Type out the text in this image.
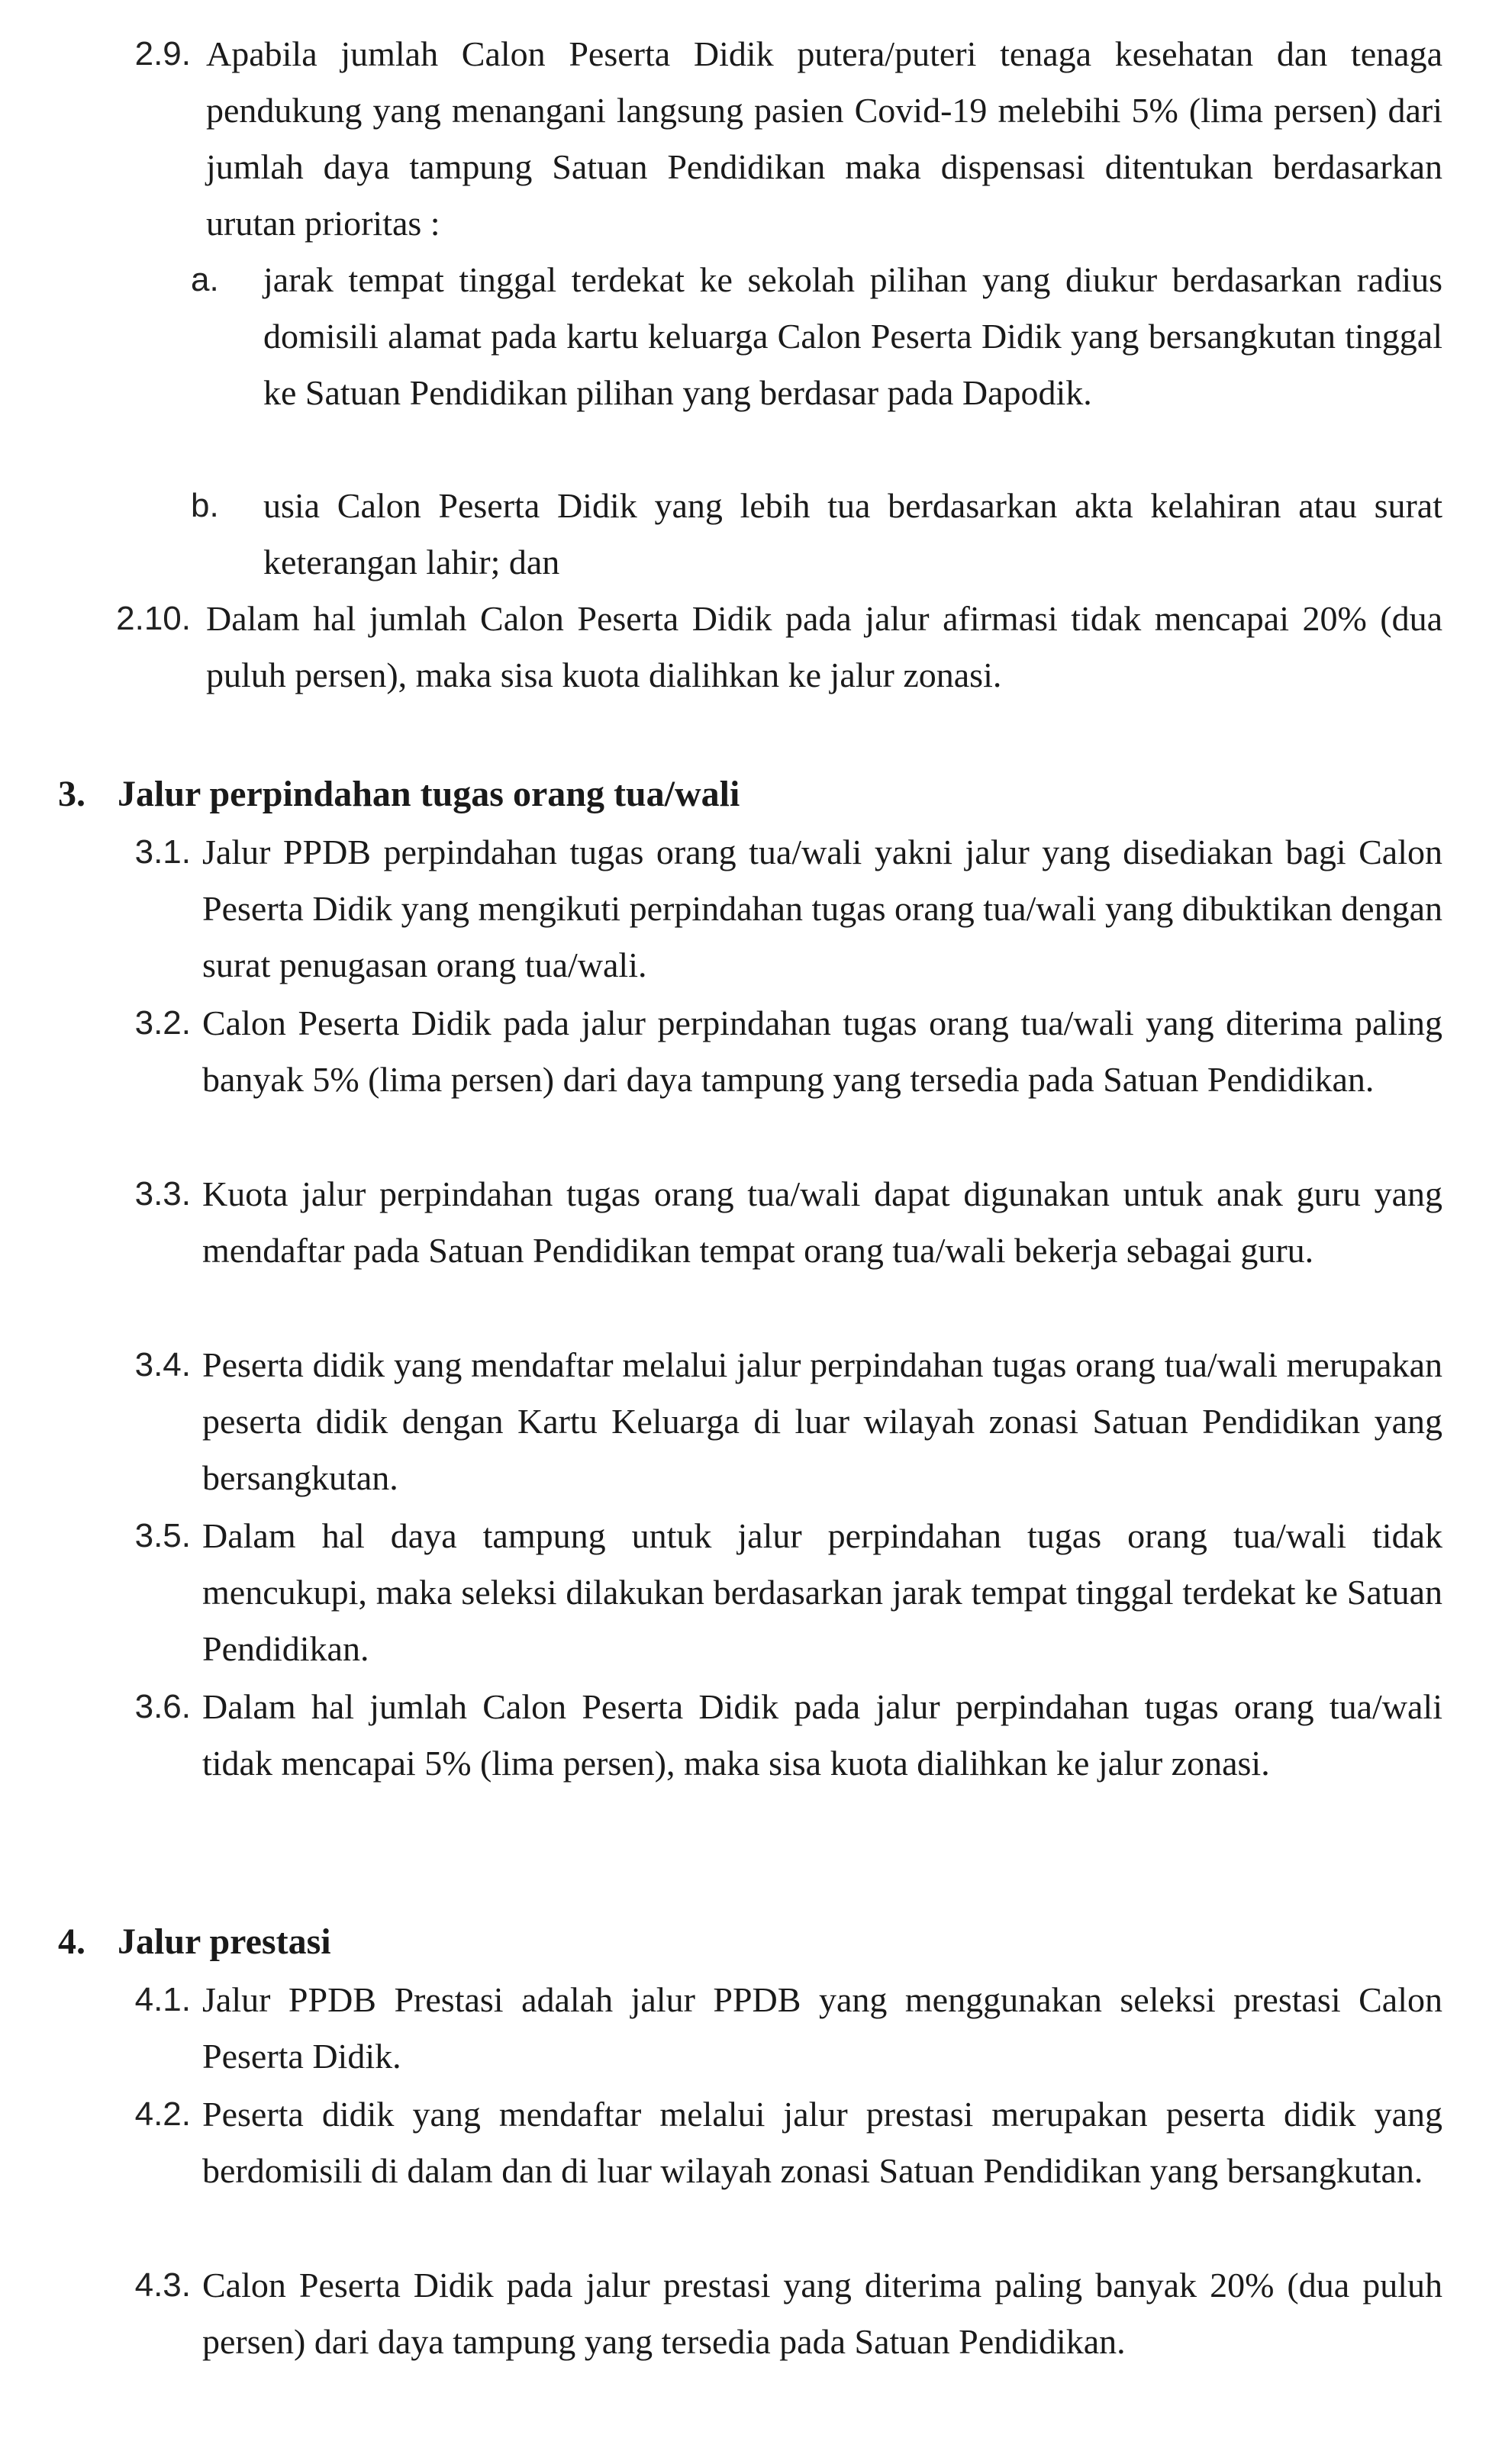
2.9. Apabila jumlah Calon Peserta Didik putera/puteri tenaga kesehatan dan tenaga pendukung yang menangani langsung pasien Covid-19 melebihi 5% (lima persen) dari jumlah daya tampung Satuan Pendidikan maka dispensasi ditentukan berdasarkan urutan prioritas :
a.	jarak tempat tinggal terdekat ke sekolah pilihan yang diukur berdasarkan radius domisili alamat pada kartu keluarga Calon Peserta Didik yang bersangkutan tinggal ke Satuan Pendidikan pilihan yang berdasar pada Dapodik.
b.	usia Calon Peserta Didik yang lebih tua berdasarkan akta kelahiran atau surat keterangan lahir; dan
2.10. Dalam hal jumlah Calon Peserta Didik pada jalur afirmasi tidak mencapai 20% (dua puluh persen), maka sisa kuota dialihkan ke jalur zonasi.
3. Jalur perpindahan tugas orang tua/wali
3.1. Jalur PPDB perpindahan tugas orang tua/wali yakni jalur yang disediakan bagi Calon Peserta Didik yang mengikuti perpindahan tugas orang tua/wali yang dibuktikan dengan surat penugasan orang tua/wali.
3.2. Calon Peserta Didik pada jalur perpindahan tugas orang tua/wali yang diterima paling banyak 5% (lima persen) dari daya tampung yang tersedia pada Satuan Pendidikan.
3.3. Kuota jalur perpindahan tugas orang tua/wali dapat digunakan untuk anak guru yang mendaftar pada Satuan Pendidikan tempat orang tua/wali bekerja sebagai guru.
3.4. Peserta didik yang mendaftar melalui jalur perpindahan tugas orang tua/wali merupakan peserta didik dengan Kartu Keluarga di luar wilayah zonasi Satuan Pendidikan yang bersangkutan.
3.5. Dalam hal daya tampung untuk jalur perpindahan tugas orang tua/wali tidak mencukupi, maka seleksi dilakukan berdasarkan jarak tempat tinggal terdekat ke Satuan Pendidikan.
3.6. Dalam hal jumlah Calon Peserta Didik pada jalur perpindahan tugas orang tua/wali tidak mencapai 5% (lima persen), maka sisa kuota dialihkan ke jalur zonasi.
4. Jalur prestasi
4.1. Jalur PPDB Prestasi adalah jalur PPDB yang menggunakan seleksi prestasi Calon Peserta Didik.
4.2. Peserta didik yang mendaftar melalui jalur prestasi merupakan peserta didik yang berdomisili di dalam dan di luar wilayah zonasi Satuan Pendidikan yang bersangkutan.
4.3. Calon Peserta Didik pada jalur prestasi yang diterima paling banyak 20% (dua puluh persen) dari daya tampung yang tersedia pada Satuan Pendidikan.
